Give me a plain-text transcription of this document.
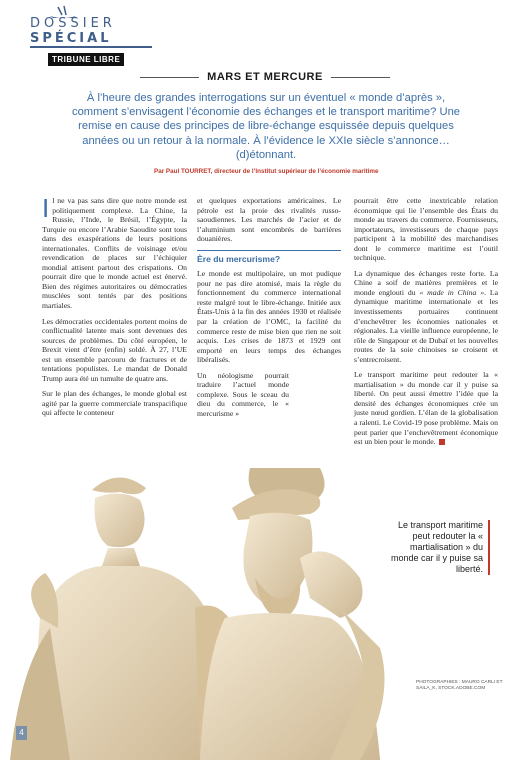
DOSSIER
SPÉCIAL
TRIBUNE LIBRE
MARS ET MERCURE

À l’heure des grandes interrogations sur un éventuel « monde d’après », comment s’envisagent l’économie des échanges et le transport maritime? Une remise en cause des principes de libre-échange esquissée depuis quelques années ou un retour à la normale. À l’évidence le XXIe siècle s’annonce… (d)étonnant.

Par Paul TOURRET, directeur de l’Institut supérieur de l’économie maritime

Il ne va pas sans dire que notre monde est politiquement complexe. La Chine, la Russie, l’Inde, le Brésil, l’Égypte, la Turquie ou encore l’Arabie Saoudite sont tous dans des exaspérations de leurs positions internationales. Conflits de voisinage et/ou revendication de places sur l’échiquier mondial attisent partout des crispations. On pourrait dire que le monde actuel est énervé. Bien des régimes autoritaires ou démocraties musclées sont tentés par des positions martiales.

Les démocraties occidentales portent moins de conflictualité latente mais sont devenues des sources de problèmes. Du côté européen, le Brexit vient d’être (enfin) soldé. À 27, l’UE est un ensemble parcouru de fractures et de tentations populistes. Le mandat de Donald Trump aura été un tumulte de quatre ans.

Sur le plan des échanges, le monde global est agité par la guerre commerciale transpacifique qui affecte le conteneur

et quelques exportations américaines. Le pétrole est la proie des rivalités russo-saoudiennes. Les marchés de l’acier et de l’aluminium sont encombrés de barrières douanières.

Ère du mercurisme?

Le monde est multipolaire, un mot pudique pour ne pas dire atomisé, mais la règle du fonctionnement du commerce international reste malgré tout le libre-échange. Initiée aux États-Unis à la fin des années 1930 et réalisée par la création de l’OMC, la facilité du commerce reste de mise bien que rien ne soit acquis. Les crises de 1873 et 1929 ont emporté en leurs temps des échanges libéralisés.

Un néologisme pourrait traduire l’actuel monde complexe. Sous le sceau du dieu du commerce, le « mercurisme »

pourrait être cette inextricable relation économique qui lie l’ensemble des États du monde au travers du commerce. Fournisseurs, importateurs, investisseurs de chaque pays participent à la mobilité des marchandises dont le commerce maritime est l’outil technique.

La dynamique des échanges reste forte. La Chine a soif de matières premières et le monde englouti du « made in China ». La dynamique maritime internationale et les investissements portuaires continuent d’enchevêtrer les économies nationales et régionales. La vieille influence européenne, le rôle de Singapour et de Dubaï et les nouvelles routes de la soie chinoises se croisent et s’entrecroisent.

Le transport maritime peut redouter la « martialisation » du monde car il y puise sa liberté. On peut aussi émettre l’idée que la densité des échanges économiques crée un juste nœud gordien. L’élan de la globalisation a ralenti. Le Covid-19 pose problème. Mais on peut parier que l’enchevêtrement économique est un bien pour le monde.

Le transport maritime peut redouter la « martialisation » du monde car il y puise sa liberté.
PHOTOGRAPHIES : MAURO CARLI ET SAILA_K, STOCK.ADOBE.COM
4
